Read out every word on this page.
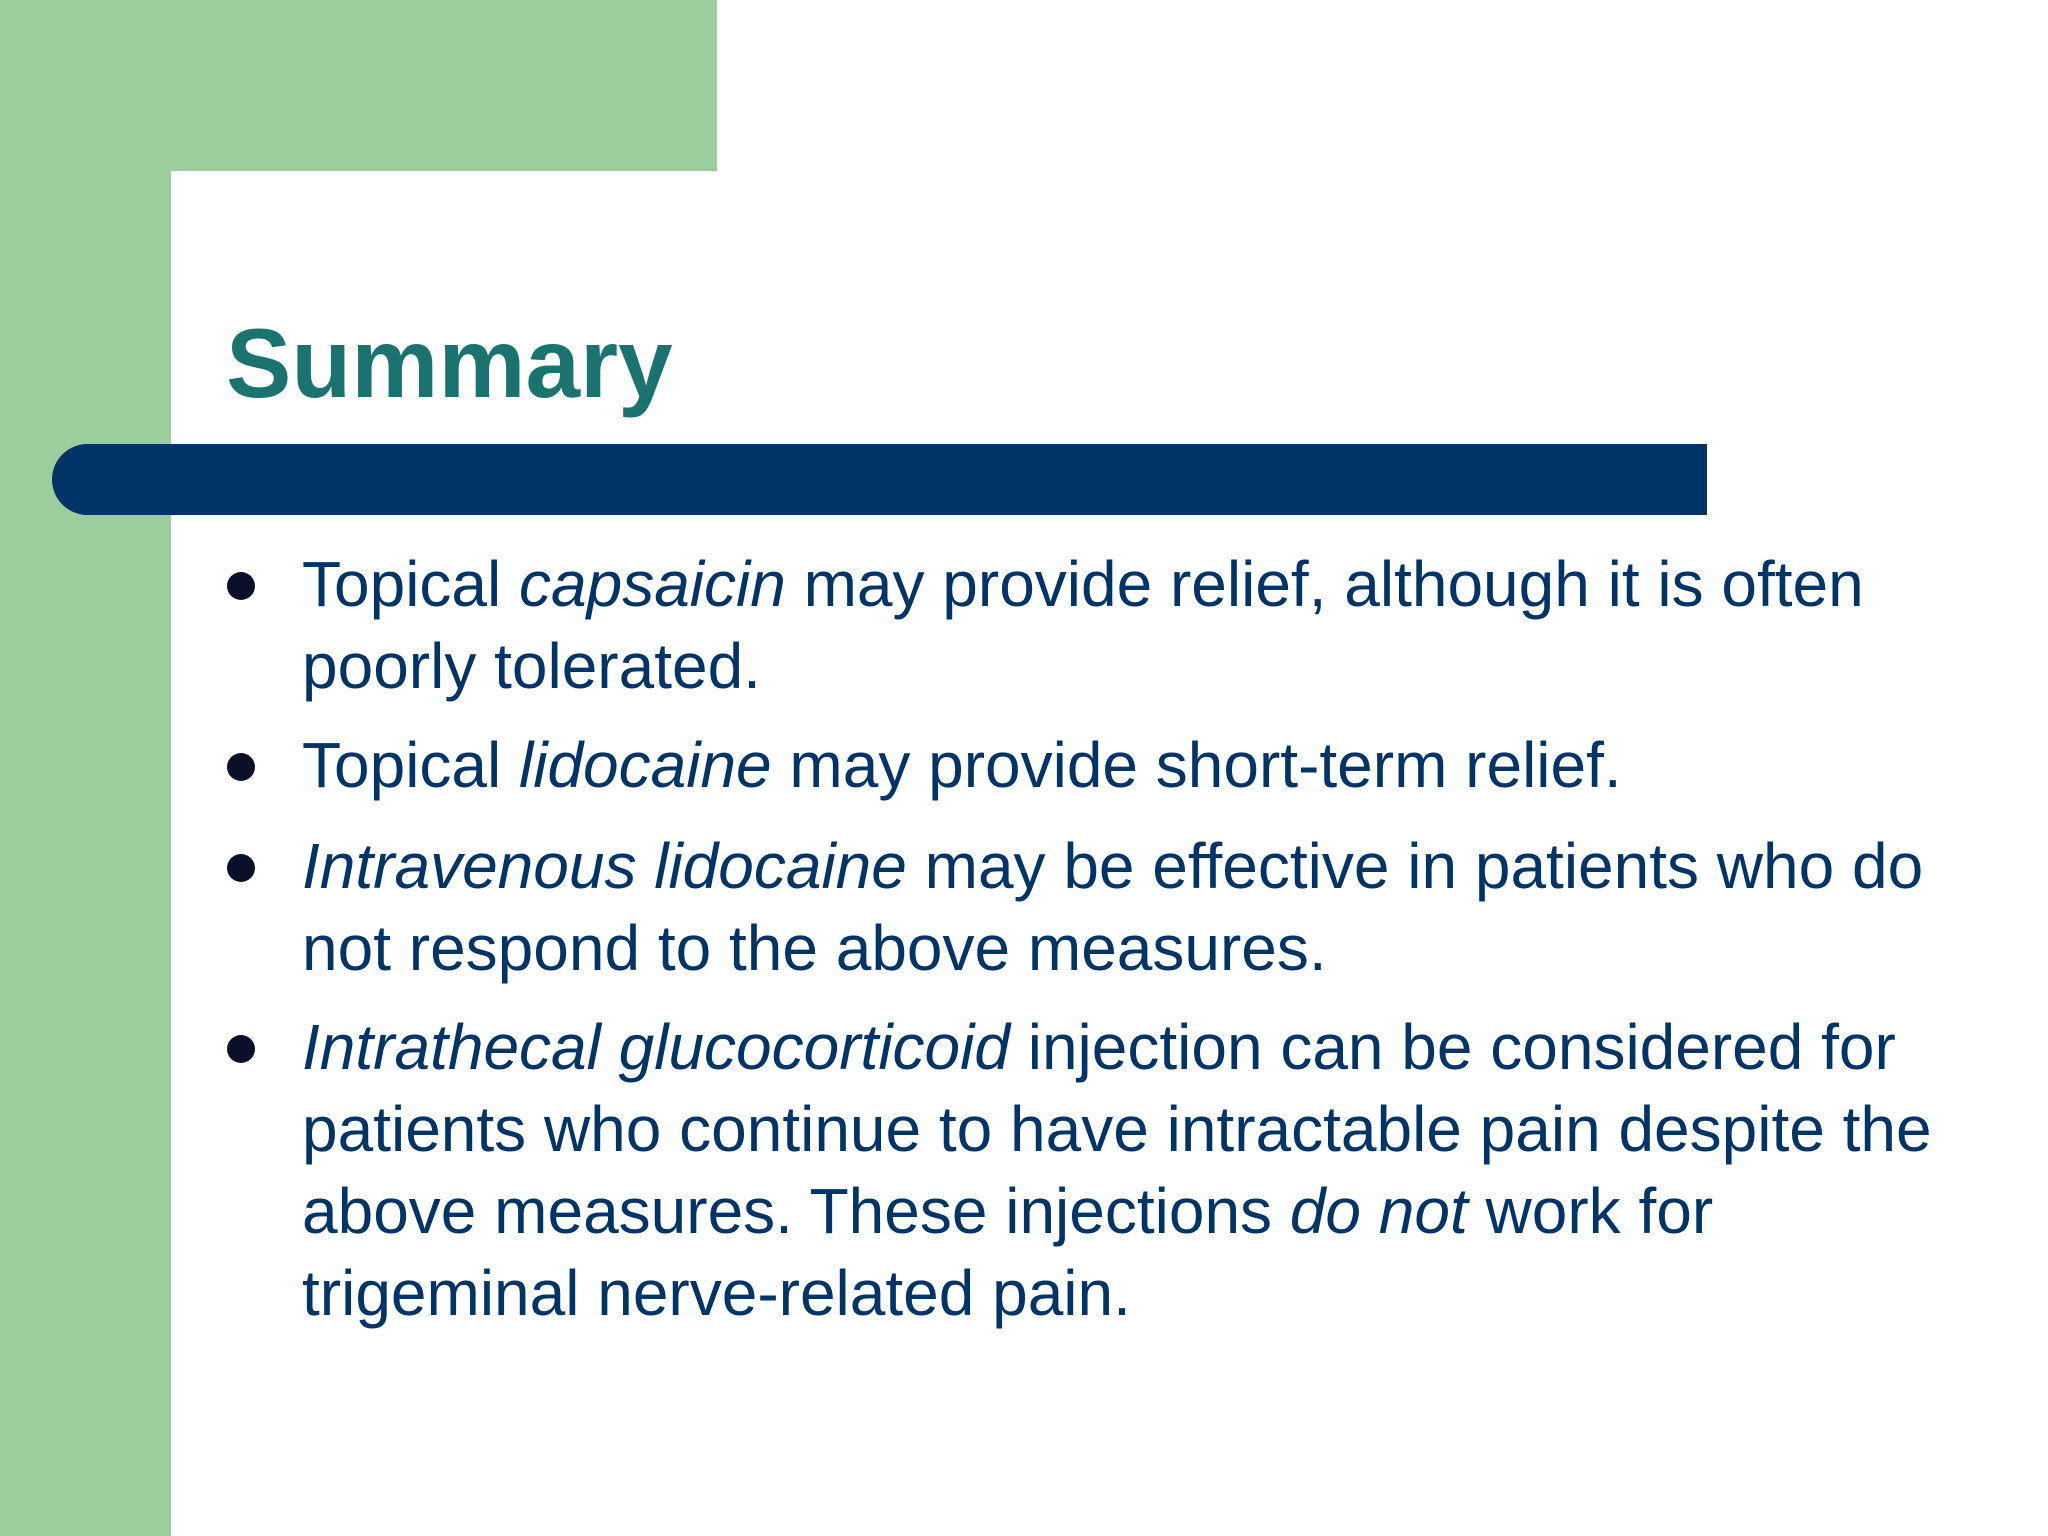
Summary
Topical capsaicin may provide relief, although it is often poorly tolerated.
Topical lidocaine may provide short-term relief.
Intravenous lidocaine may be effective in patients who do not respond to the above measures.
Intrathecal glucocorticoid injection can be considered for patients who continue to have intractable pain despite the above measures. These injections do not work for trigeminal nerve-related pain.
